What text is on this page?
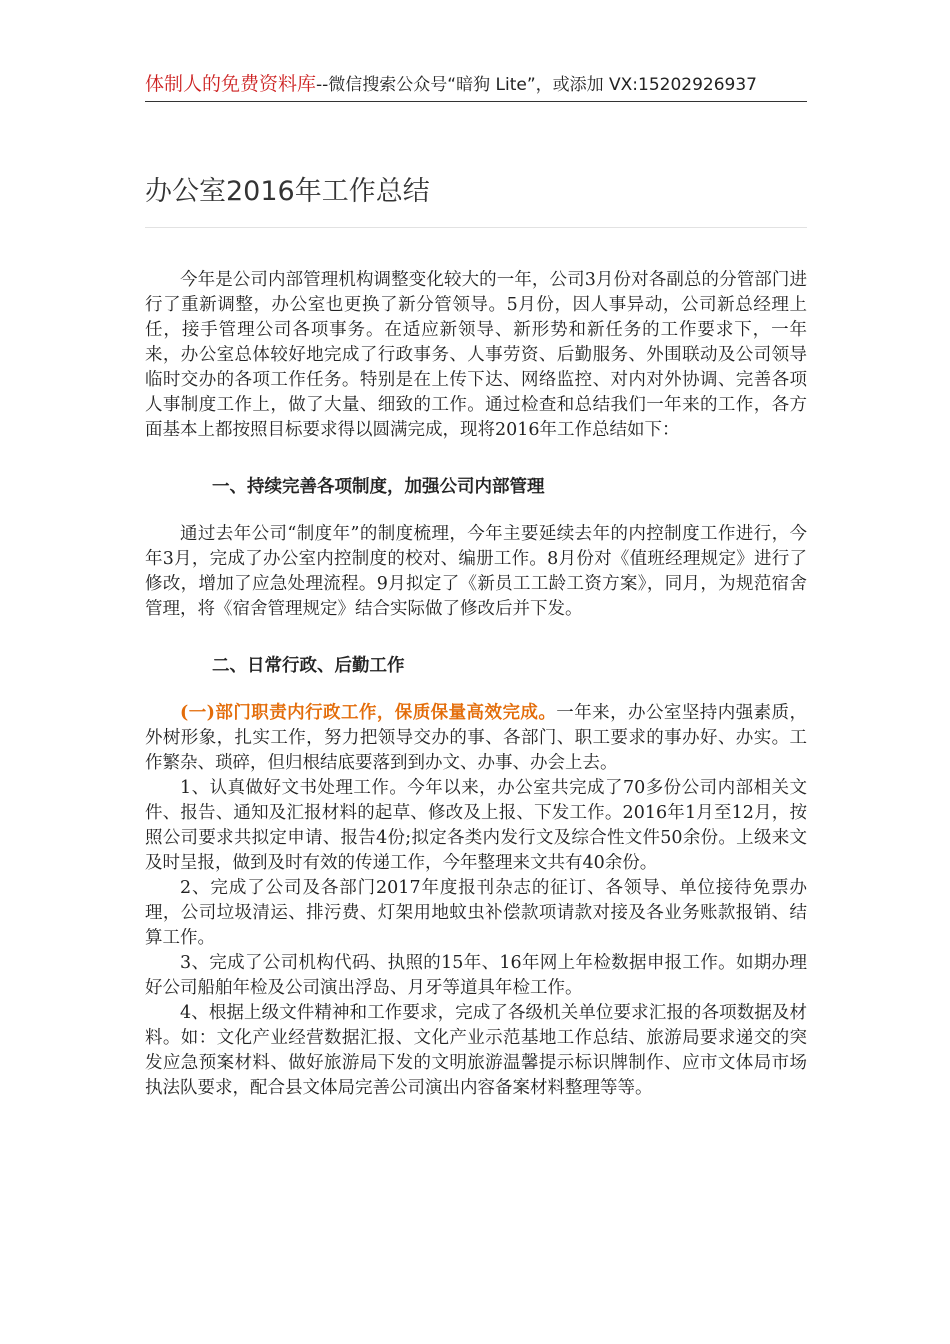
体制人的免费资料库--微信搜索公众号“暗狗 Lite”，或添加 VX:15202926937
办公室2016年工作总结

今年是公司内部管理机构调整变化较大的一年，公司3月份对各副总的分管部门进行了重新调整，办公室也更换了新分管领导。5月份，因人事异动，公司新总经理上任，接手管理公司各项事务。在适应新领导、新形势和新任务的工作要求下，一年来，办公室总体较好地完成了行政事务、人事劳资、后勤服务、外围联动及公司领导临时交办的各项工作任务。特别是在上传下达、网络监控、对内对外协调、完善各项人事制度工作上，做了大量、细致的工作。通过检查和总结我们一年来的工作，各方面基本上都按照目标要求得以圆满完成，现将2016年工作总结如下：

一、持续完善各项制度，加强公司内部管理

通过去年公司“制度年”的制度梳理，今年主要延续去年的内控制度工作进行，今年3月，完成了办公室内控制度的校对、编册工作。8月份对《值班经理规定》进行了修改，增加了应急处理流程。9月拟定了《新员工工龄工资方案》，同月，为规范宿舍管理，将《宿舍管理规定》结合实际做了修改后并下发。

二、日常行政、后勤工作

(一)部门职责内行政工作，保质保量高效完成。一年来，办公室坚持内强素质，外树形象，扎实工作，努力把领导交办的事、各部门、职工要求的事办好、办实。工作繁杂、琐碎，但归根结底要落到到办文、办事、办会上去。

1、认真做好文书处理工作。今年以来，办公室共完成了70多份公司内部相关文件、报告、通知及汇报材料的起草、修改及上报、下发工作。2016年1月至12月，按照公司要求共拟定申请、报告4份;拟定各类内发行文及综合性文件50余份。上级来文及时呈报，做到及时有效的传递工作，今年整理来文共有40余份。

2、完成了公司及各部门2017年度报刊杂志的征订、各领导、单位接待免票办理，公司垃圾清运、排污费、灯架用地蚊虫补偿款项请款对接及各业务账款报销、结算工作。

3、完成了公司机构代码、执照的15年、16年网上年检数据申报工作。如期办理好公司船舶年检及公司演出浮岛、月牙等道具年检工作。

4、根据上级文件精神和工作要求，完成了各级机关单位要求汇报的各项数据及材料。如：文化产业经营数据汇报、文化产业示范基地工作总结、旅游局要求递交的突发应急预案材料、做好旅游局下发的文明旅游温馨提示标识牌制作、应市文体局市场执法队要求，配合县文体局完善公司演出内容备案材料整理等等。
